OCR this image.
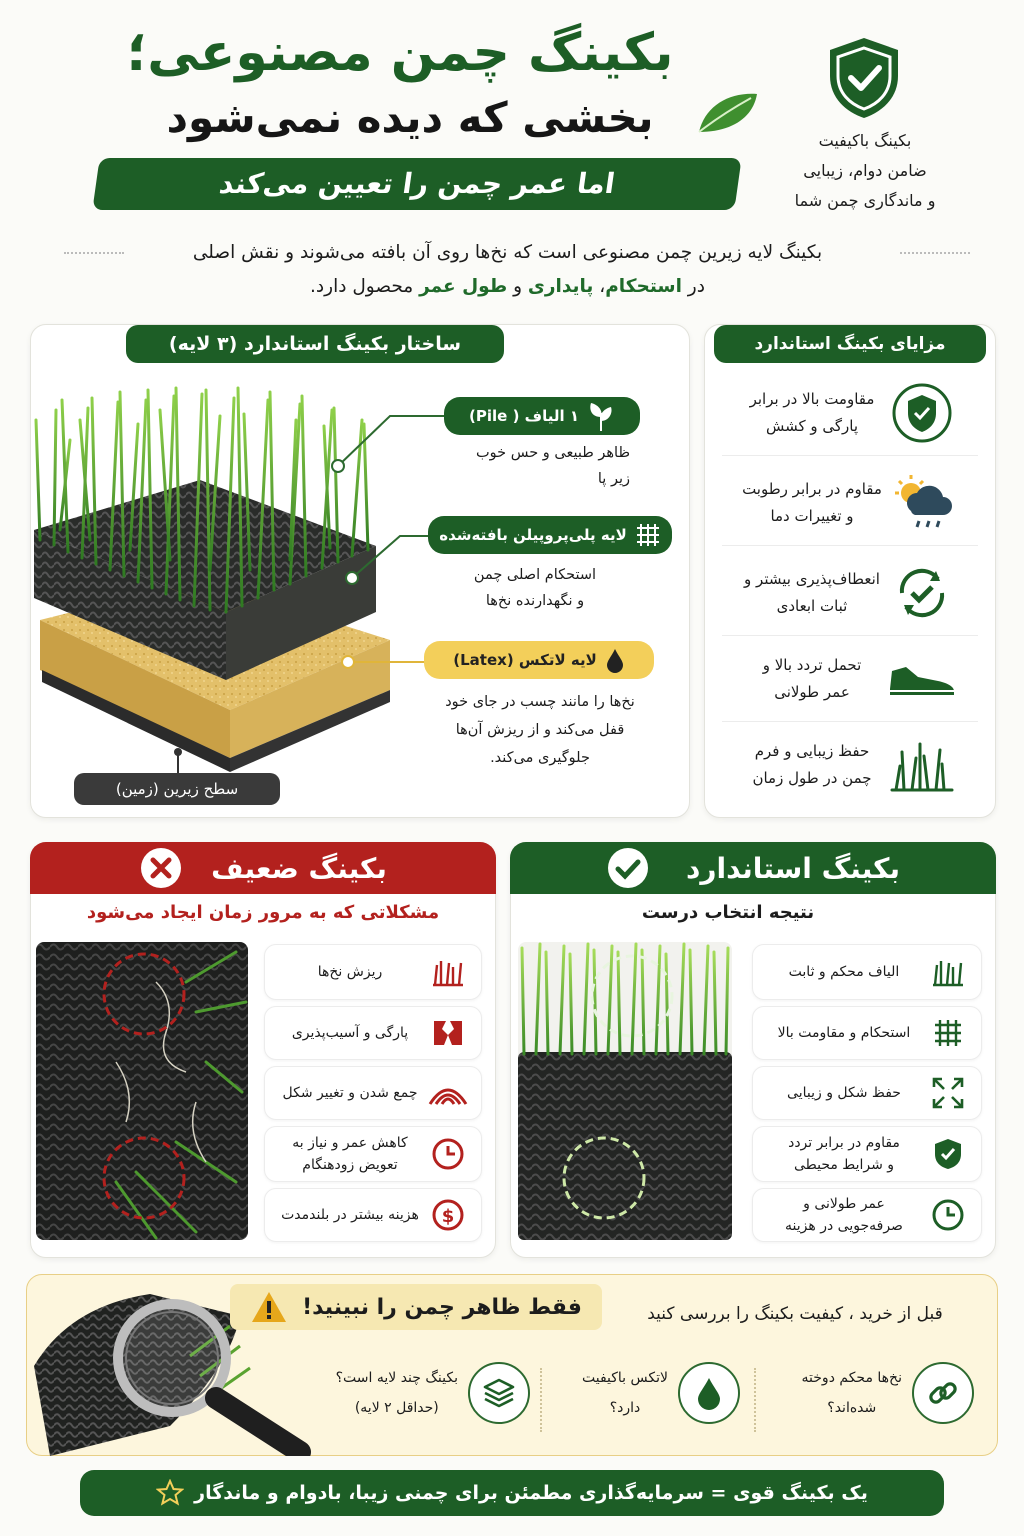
بکینگ چمن مصنوعی؛
بخشی که دیده نمی‌شود
اما عمر چمن را تعیین می‌کند
بکینگ باکیفیت
ضامن دوام، زیبایی
و ماندگاری چمن شما
بکینگ لایه زیرین چمن مصنوعی است که نخ‌ها روی آن بافته می‌شوند و نقش اصلی
در استحکام، پایداری و طول عمر محصول دارد.
ساختار بکینگ استاندارد (۳ لایه)
۱ الیاف ( Pile)
ظاهر طبیعی و حس خوب
زیر پا
لایه پلی‌پروپیلن بافته‌شده
استحکام اصلی چمن
و نگهدارنده نخ‌ها
لایه لاتکس (Latex)
نخ‌ها را مانند چسب در جای خود
قفل می‌کند و از ریزش آن‌ها
جلوگیری می‌کند.
سطح زیرین (زمین)
مزایای بکینگ استاندارد
مقاومت بالا در برابر
پارگی و کشش
مقاوم در برابر رطوبت
و تغییرات دما
انعطاف‌پذیری بیشتر و
ثبات ابعادی
تحمل تردد بالا و
عمر طولانی
حفظ زیبایی و فرم
چمن در طول زمان
بکینگ ضعیف
مشکلاتی که به مرور زمان ایجاد می‌شود
ریزش نخ‌ها
پارگی و آسیب‌پذیری
چمع شدن و تغییر شکل
کاهش عمر و نیاز به
تعویض زودهنگام
$
هزینه بیشتر در بلندمدت
بکینگ استاندارد
نتیجه انتخاب درست
الیاف محکم و ثابت
استحکام و مقاومت بالا
حفظ شکل و زیبایی
مقاوم در برابر تردد
و شرایط محیطی
عمر طولانی و
صرفه‌جویی در هزینه
فقط ظاهر چمن را نبینید!	قبل از خرید ، کیفیت بکینگ را بررسی کنید
نخ‌ها محکم دوخته
شده‌اند؟
لاتکس باکیفیت
دارد؟
بکینگ چند لایه است؟
(حداقل ۲ لایه)
یک بکینگ قوی = سرمایه‌گذاری مطمئن برای چمنی زیبا، بادوام و ماندگار
